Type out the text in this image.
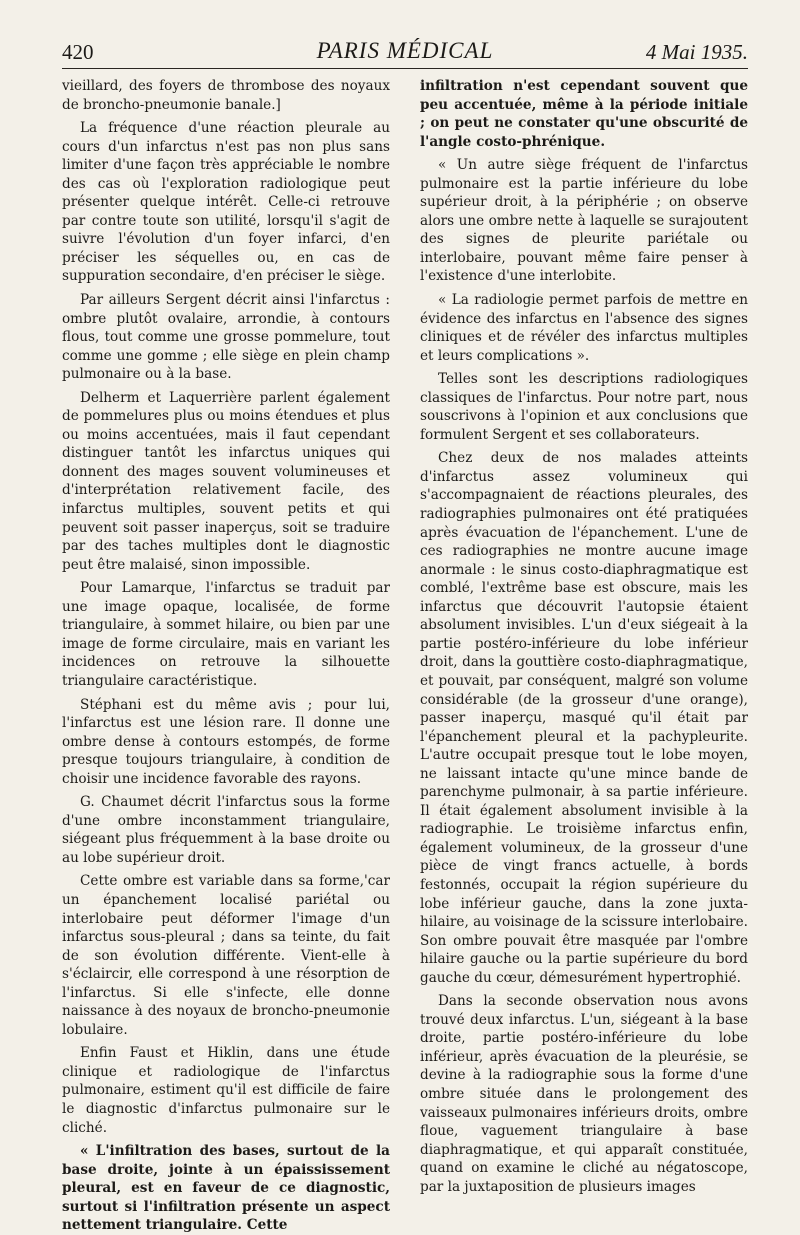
420	PARIS MÉDICAL	4 Mai 1935.

vieillard, des foyers de thrombose des noyaux de broncho-pneumonie banale.]

La fréquence d'une réaction pleurale au cours d'un infarctus n'est pas non plus sans limiter d'une façon très appréciable le nombre des cas où l'exploration radiologique peut présenter quelque intérêt. Celle-ci retrouve par contre toute son utilité, lorsqu'il s'agit de suivre l'évolution d'un foyer infarci, d'en préciser les séquelles ou, en cas de suppuration secondaire, d'en préciser le siège.

Par ailleurs Sergent décrit ainsi l'infarctus : ombre plutôt ovalaire, arrondie, à contours flous, tout comme une grosse pommelure, tout comme une gomme ; elle siège en plein champ pulmonaire ou à la base.

Delherm et Laquerrière parlent également de pommelures plus ou moins étendues et plus ou moins accentuées, mais il faut cependant distinguer tantôt les infarctus uniques qui donnent des mages souvent volumineuses et d'interprétation relativement facile, des infarctus multiples, souvent petits et qui peuvent soit passer inaperçus, soit se traduire par des taches multiples dont le diagnostic peut être malaisé, sinon impossible.

Pour Lamarque, l'infarctus se traduit par une image opaque, localisée, de forme triangulaire, à sommet hilaire, ou bien par une image de forme circulaire, mais en variant les incidences on retrouve la silhouette triangulaire caractéristique.

Stéphani est du même avis ; pour lui, l'infarctus est une lésion rare. Il donne une ombre dense à contours estompés, de forme presque toujours triangulaire, à condition de choisir une incidence favorable des rayons.

G. Chaumet décrit l'infarctus sous la forme d'une ombre inconstamment triangulaire, siégeant plus fréquemment à la base droite ou au lobe supérieur droit.

Cette ombre est variable dans sa forme,'car un épanchement localisé pariétal ou interlobaire peut déformer l'image d'un infarctus sous-pleural ; dans sa teinte, du fait de son évolution différente. Vient-elle à s'éclaircir, elle correspond à une résorption de l'infarctus. Si elle s'infecte, elle donne naissance à des noyaux de broncho-pneumonie lobulaire.

Enfin Faust et Hiklin, dans une étude clinique et radiologique de l'infarctus pulmonaire, estiment qu'il est difficile de faire le diagnostic d'infarctus pulmonaire sur le cliché.

« L'infiltration des bases, surtout de la base droite, jointe à un épaississement pleural, est en faveur de ce diagnostic, surtout si l'infiltration présente un aspect nettement triangulaire. Cette

infiltration n'est cependant souvent que peu accentuée, même à la période initiale ; on peut ne constater qu'une obscurité de l'angle costo-phrénique.

« Un autre siège fréquent de l'infarctus pulmonaire est la partie inférieure du lobe supérieur droit, à la périphérie ; on observe alors une ombre nette à laquelle se surajoutent des signes de pleurite pariétale ou interlobaire, pouvant même faire penser à l'existence d'une interlobite.

« La radiologie permet parfois de mettre en évidence des infarctus en l'absence des signes cliniques et de révéler des infarctus multiples et leurs complications ».

Telles sont les descriptions radiologiques classiques de l'infarctus. Pour notre part, nous souscrivons à l'opinion et aux conclusions que formulent Sergent et ses collaborateurs.

Chez deux de nos malades atteints d'infarctus assez volumineux qui s'accompagnaient de réactions pleurales, des radiographies pulmonaires ont été pratiquées après évacuation de l'épanchement. L'une de ces radiographies ne montre aucune image anormale : le sinus costo-diaphragmatique est comblé, l'extrême base est obscure, mais les infarctus que découvrit l'autopsie étaient absolument invisibles. L'un d'eux siégeait à la partie postéro-inférieure du lobe inférieur droit, dans la gouttière costo-diaphragmatique, et pouvait, par conséquent, malgré son volume considérable (de la grosseur d'une orange), passer inaperçu, masqué qu'il était par l'épanchement pleural et la pachypleurite. L'autre occupait presque tout le lobe moyen, ne laissant intacte qu'une mince bande de parenchyme pulmonair, à sa partie inférieure. Il était également absolument invisible à la radiographie. Le troisième infarctus enfin, également volumineux, de la grosseur d'une pièce de vingt francs actuelle, à bords festonnés, occupait la région supérieure du lobe inférieur gauche, dans la zone juxta-hilaire, au voisinage de la scissure interlobaire. Son ombre pouvait être masquée par l'ombre hilaire gauche ou la partie supérieure du bord gauche du cœur, démesurément hypertrophié.

Dans la seconde observation nous avons trouvé deux infarctus. L'un, siégeant à la base droite, partie postéro-inférieure du lobe inférieur, après évacuation de la pleurésie, se devine à la radiographie sous la forme d'une ombre située dans le prolongement des vaisseaux pulmonaires inférieurs droits, ombre floue, vaguement triangulaire à base diaphragmatique, et qui apparaît constituée, quand on examine le cliché au négatoscope, par la juxtaposition de plusieurs images
